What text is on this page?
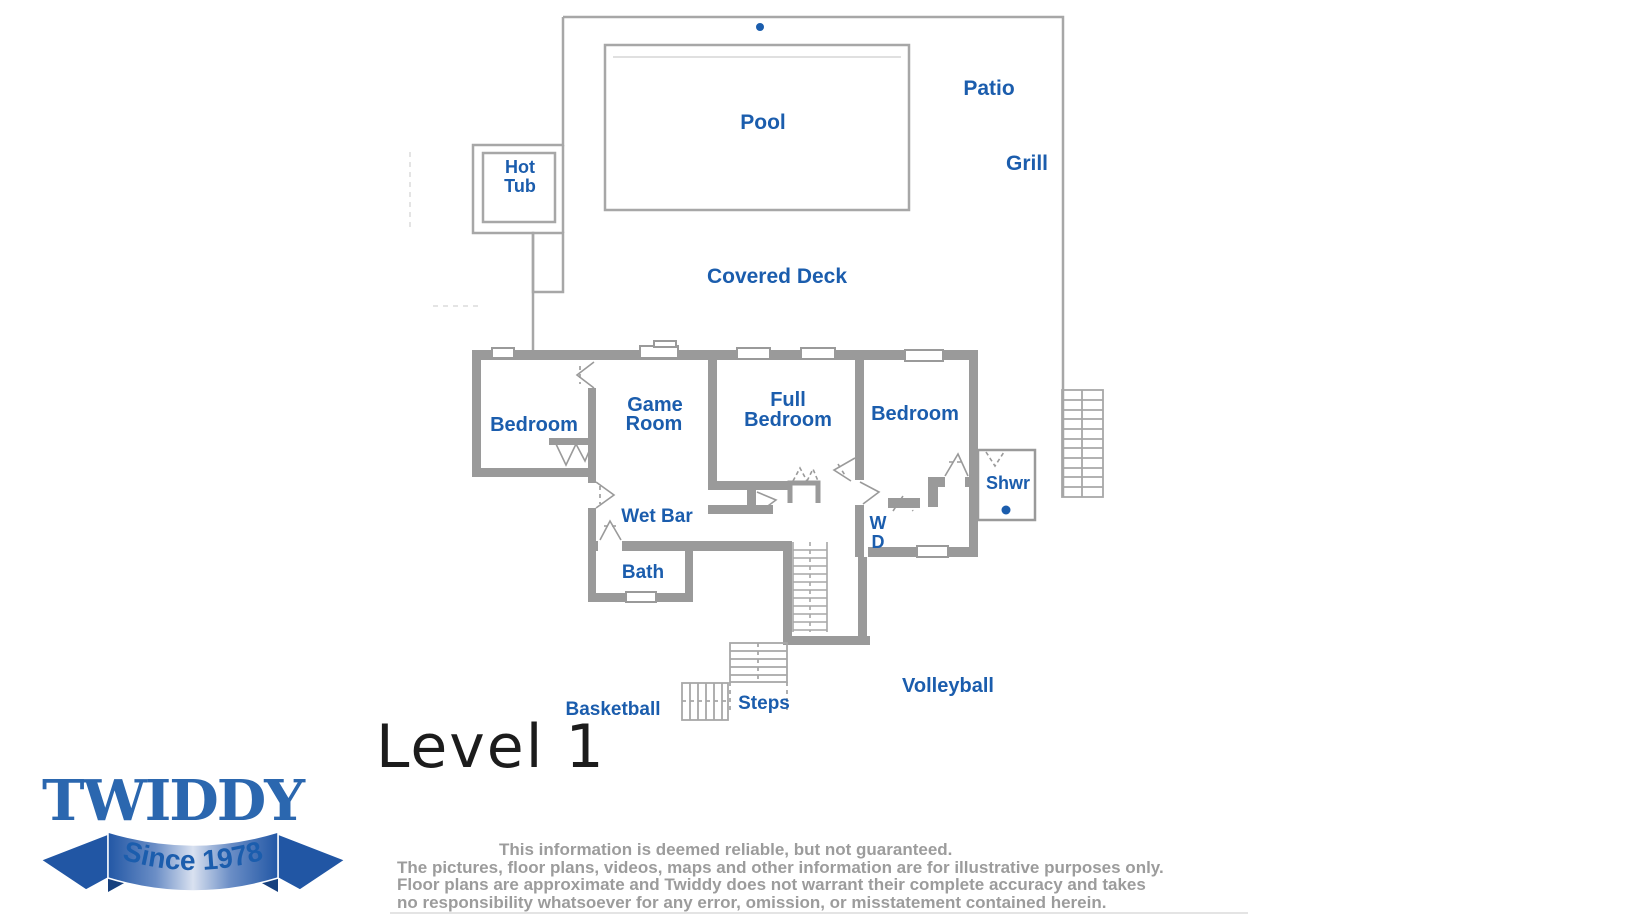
Pool
Patio
Grill
Covered Deck
Hot
Tub
Bedroom
Game
Room
Full
Bedroom Bedroom
Wet Bar
Bath
W
D
Shwr
Steps
Basketball
Volleyball
Level 1
TWIDDY
Since 1978	This information is deemed reliable, but not guaranteed.
The pictures, floor plans, videos, maps and other information are for illustrative purposes only.
Floor plans are approximate and Twiddy does not warrant their complete accuracy and takes
no responsibility whatsoever for any error, omission, or misstatement contained herein.
